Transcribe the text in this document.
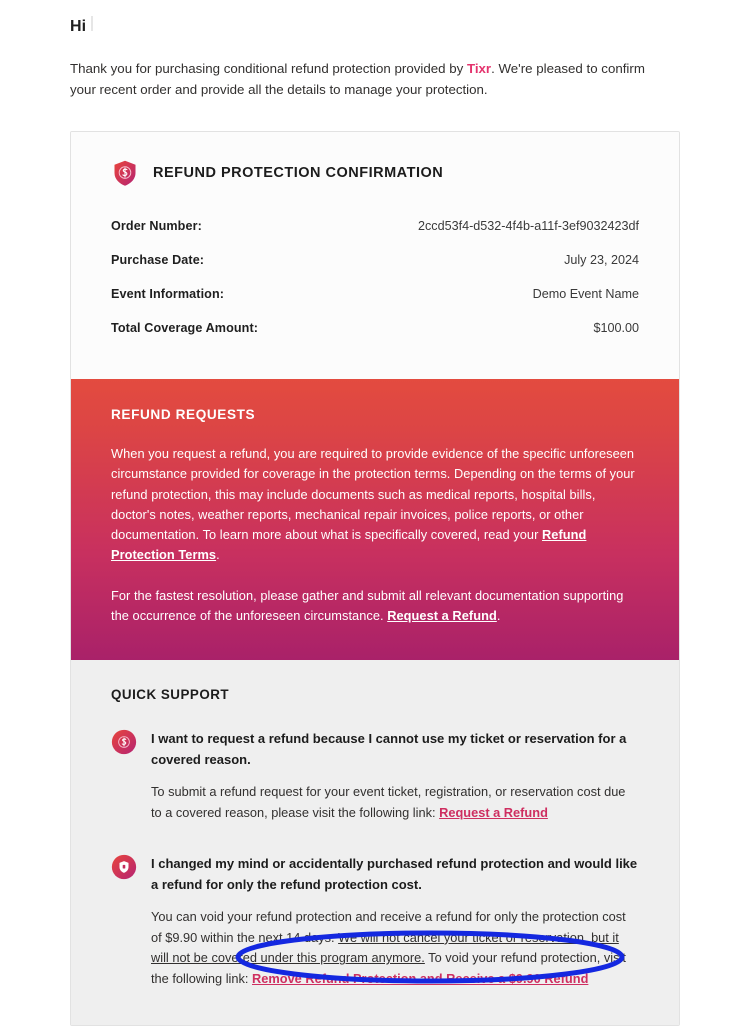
Hi

Thank you for purchasing conditional refund protection provided by Tixr. We're pleased to confirm your recent order and provide all the details to manage your protection.

REFUND PROTECTION CONFIRMATION
Order Number:	2ccd53f4-d532-4f4b-a11f-3ef9032423df
Purchase Date:	July 23, 2024
Event Information:	Demo Event Name
Total Coverage Amount:	$100.00
REFUND REQUESTS

When you request a refund, you are required to provide evidence of the specific unforeseen circumstance provided for coverage in the protection terms. Depending on the terms of your refund protection, this may include documents such as medical reports, hospital bills, doctor's notes, weather reports, mechanical repair invoices, police reports, or other documentation. To learn more about what is specifically covered, read your Refund Protection Terms.

For the fastest resolution, please gather and submit all relevant documentation supporting the occurrence of the unforeseen circumstance. Request a Refund.

QUICK SUPPORT

I want to request a refund because I cannot use my ticket or reservation for a covered reason.

To submit a refund request for your event ticket, registration, or reservation cost due to a covered reason, please visit the following link: Request a Refund

I changed my mind or accidentally purchased refund protection and would like a refund for only the refund protection cost.

You can void your refund protection and receive a refund for only the protection cost of $9.90 within the next 14 days. We will not cancel your ticket or reservation, but it will not be covered under this program anymore. To void your refund protection, visit the following link: Remove Refund Protection and Receive a $9.90 Refund
